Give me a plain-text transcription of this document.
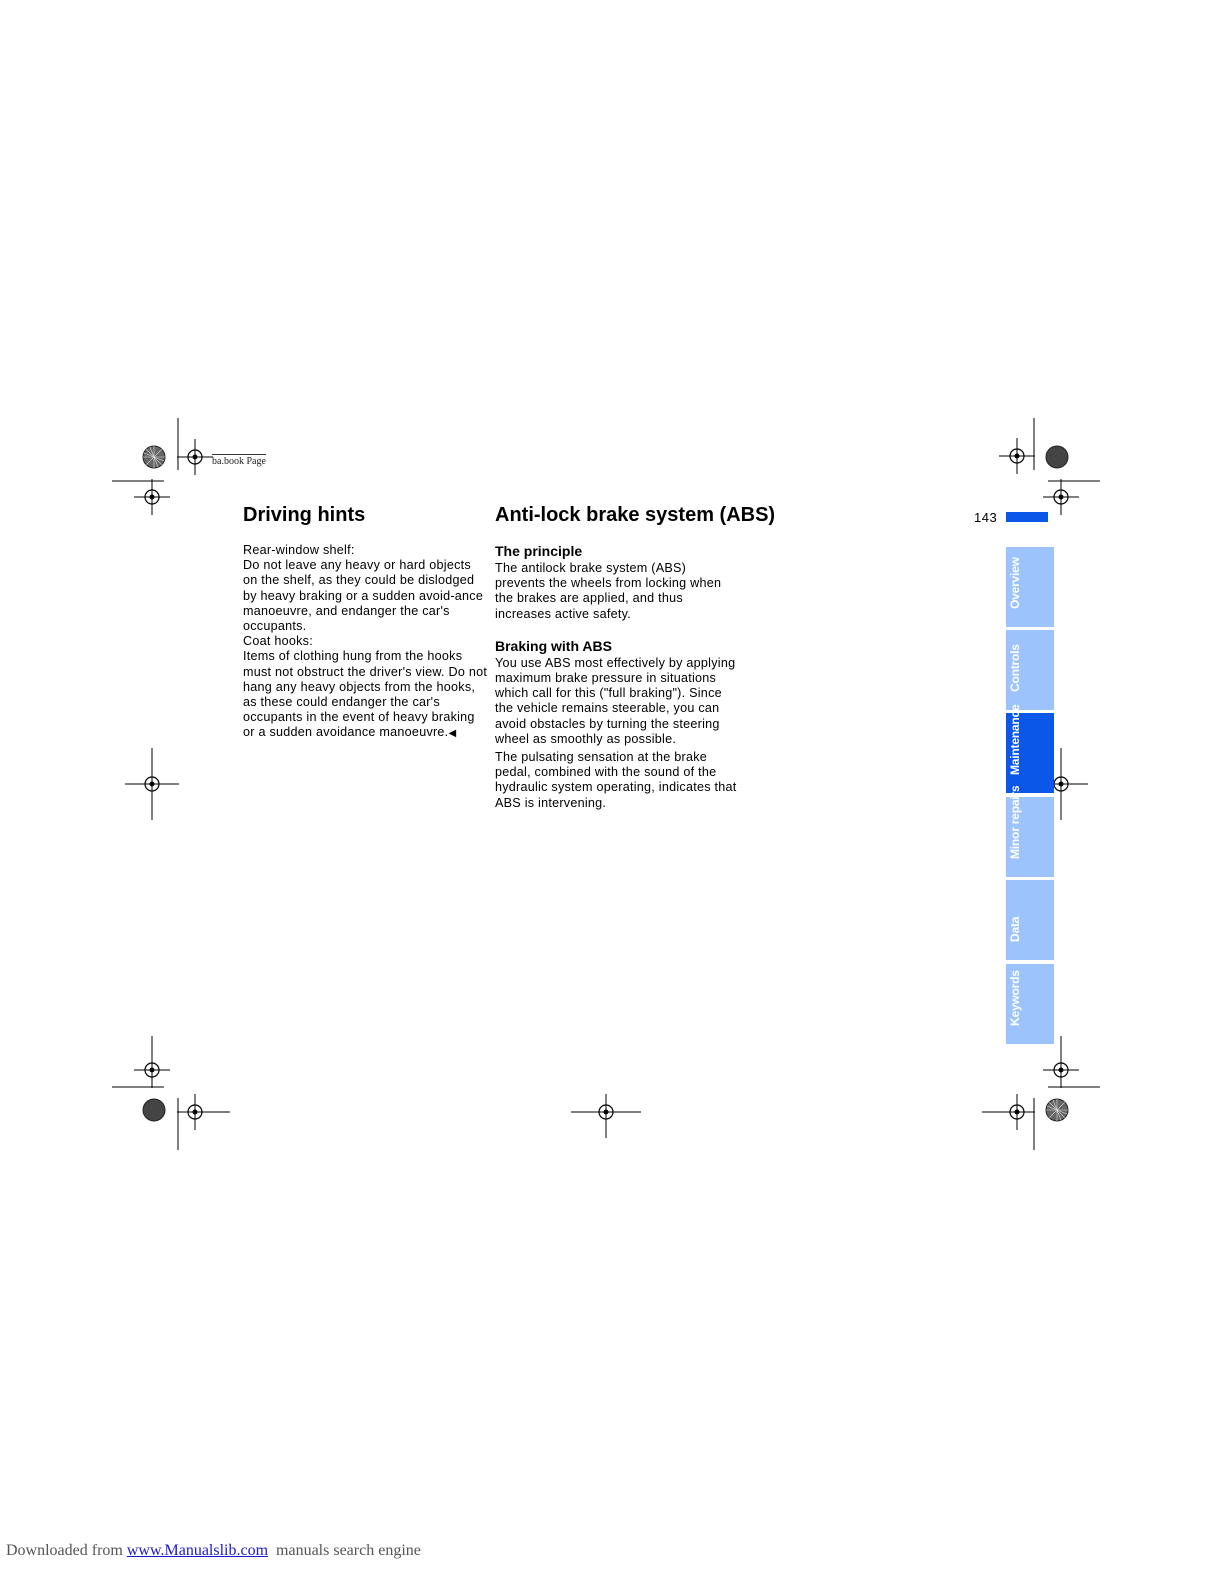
ba.book Page
Driving hints

Rear-window shelf:

Do not leave any heavy or hard objects on the shelf, as they could be dislodged by heavy braking or a sudden avoid-ance manoeuvre, and endanger the car's occupants.

Coat hooks:

Items of clothing hung from the hooks must not obstruct the driver's view. Do not hang any heavy objects from the hooks, as these could endanger the car's occupants in the event of heavy braking or a sudden avoidance manoeuvre.◀

Anti-lock brake system (ABS)
The principle

The antilock brake system (ABS) prevents the wheels from locking when the brakes are applied, and thus increases active safety.

Braking with ABS

You use ABS most effectively by applying maximum brake pressure in situations which call for this ("full braking"). Since the vehicle remains steerable, you can avoid obstacles by turning the steering wheel as smoothly as possible.

The pulsating sensation at the brake pedal, combined with the sound of the hydraulic system operating, indicates that ABS is intervening.

143
Overview
Controls
Maintenance
Minor repairs
Data
Keywords
Downloaded from www.Manualslib.com  manuals search engine
